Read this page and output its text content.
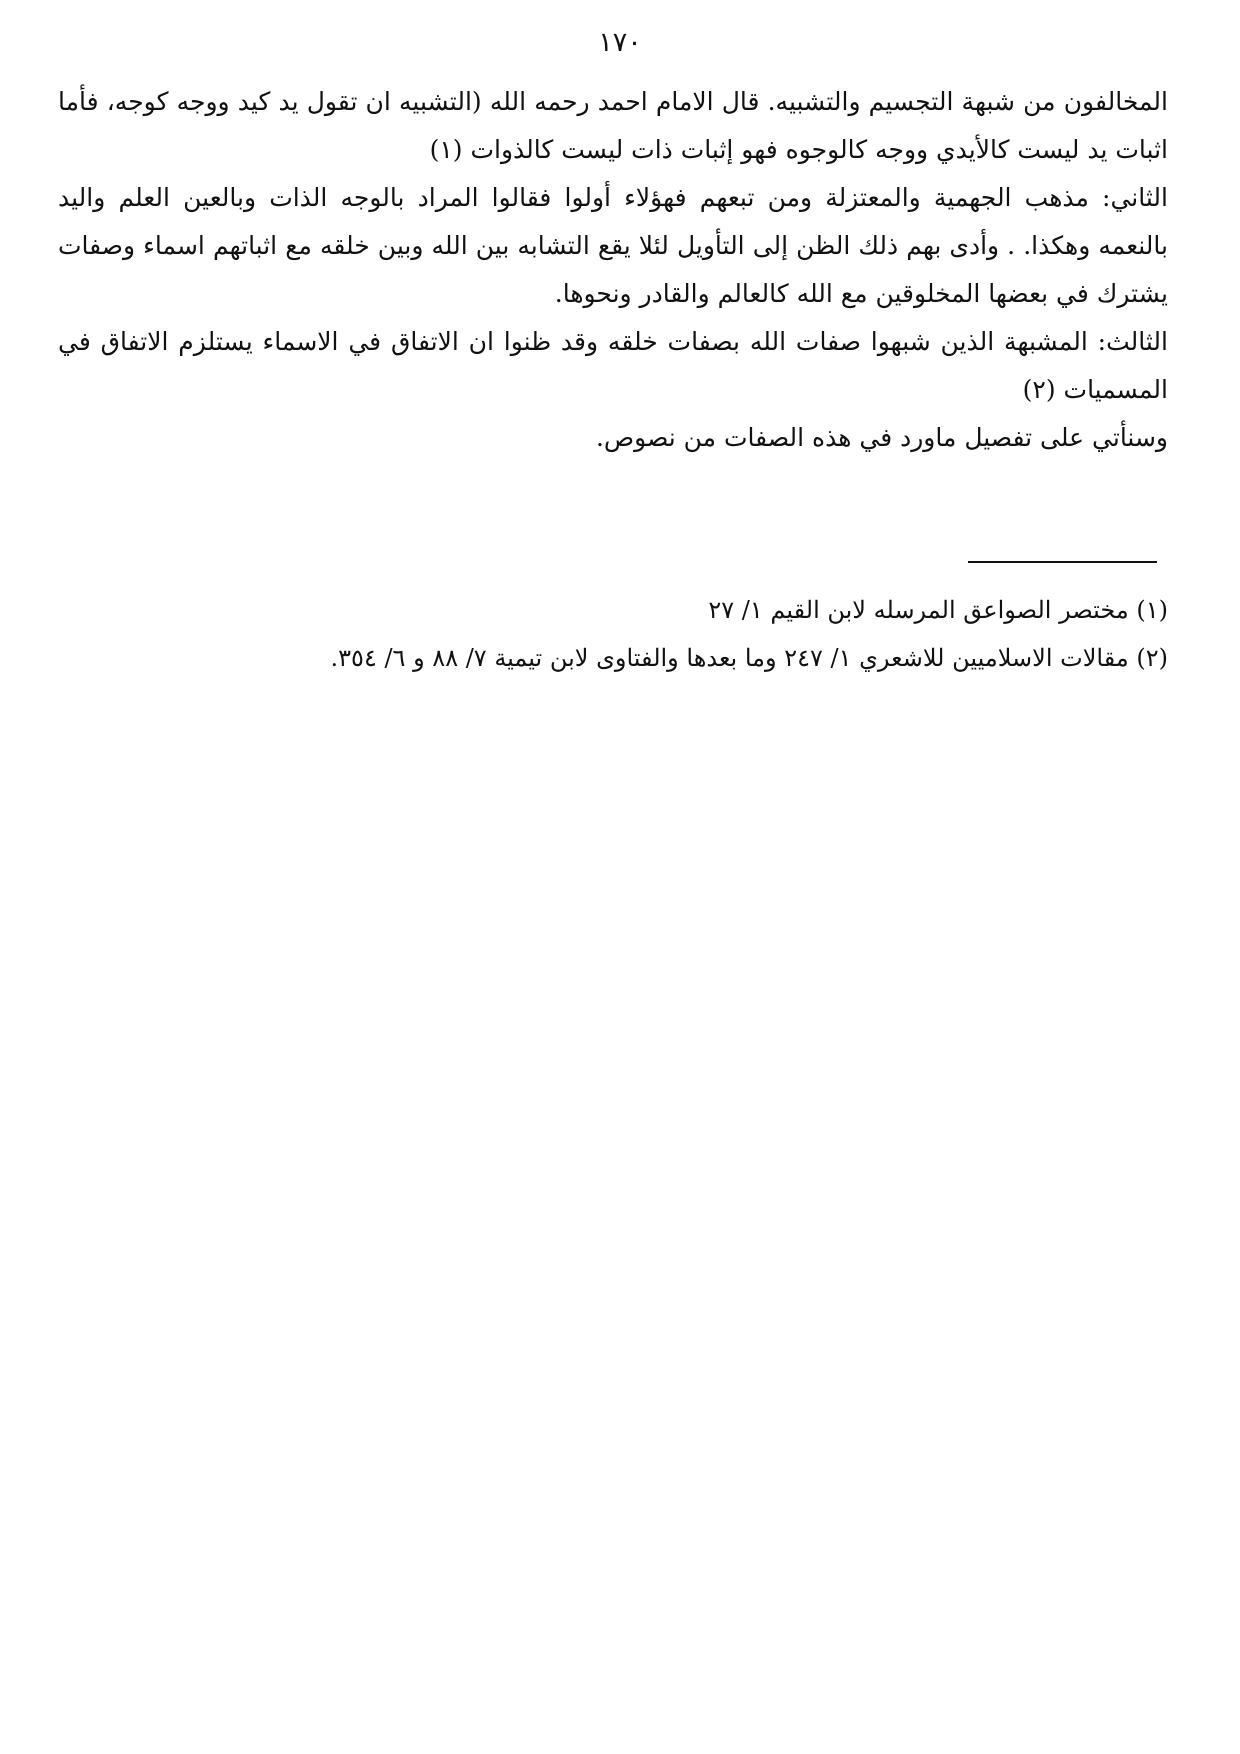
١٧٠

المخالفون من شبهة التجسيم والتشبيه. قال الامام احمد رحمه الله (التشبيه ان تقول يد كيد ووجه كوجه، فأما اثبات يد ليست كالأيدي ووجه كالوجوه فهو إثبات ذات ليست كالذوات (١)

الثاني: مذهب الجهمية والمعتزلة ومن تبعهم فهؤلاء أولوا فقالوا المراد بالوجه الذات وبالعين العلم واليد بالنعمه وهكذا. . وأدى بهم ذلك الظن إلى التأويل لئلا يقع التشابه بين الله وبين خلقه مع اثباتهم اسماء وصفات يشترك في بعضها المخلوقين مع الله كالعالم والقادر ونحوها.

الثالث: المشبهة الذين شبهوا صفات الله بصفات خلقه وقد ظنوا ان الاتفاق في الاسماء يستلزم الاتفاق في المسميات (٢)

وسنأتي على تفصيل ماورد في هذه الصفات من نصوص.

(١) مختصر الصواعق المرسله لابن القيم ١/ ٢٧

(٢) مقالات الاسلاميين للاشعري ١/ ٢٤٧ وما بعدها والفتاوى لابن تيمية ٧/ ٨٨ و ٦/ ٣٥٤.
